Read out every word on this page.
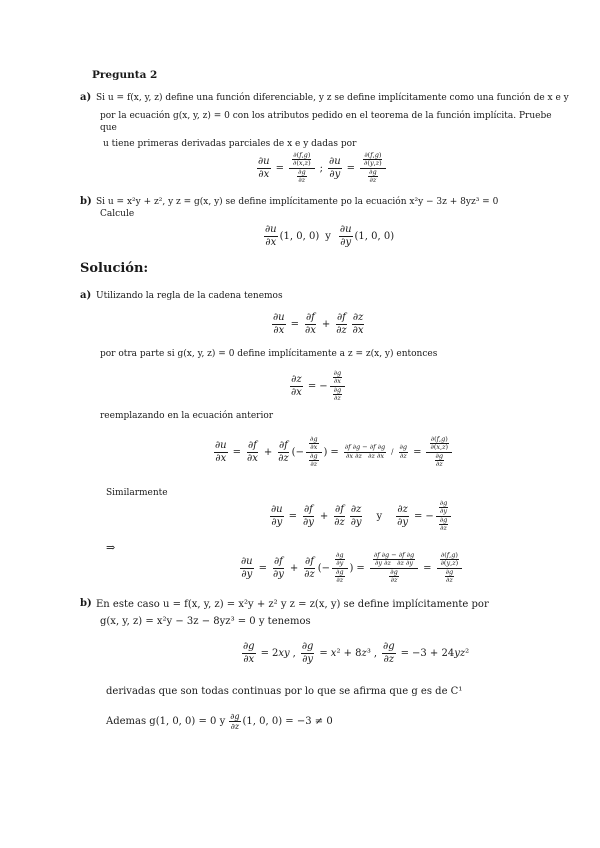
Pregunta 2
a) Si u = f(x, y, z) define una función diferenciable, y z se define implícitamente como una función de x e y
por la ecuación g(x, y, z) = 0 con los atributos pedido en el teorema de la función implícita. Pruebe
que
u tiene primeras derivadas parciales de x e y dadas por
$\frac{\partial u}{\partial x} = \frac{\frac{\partial(f,g)}{\partial(x,z)}}{\frac{\partial g}{\partial z}}$ ; $\frac{\partial u}{\partial y} = \frac{\frac{\partial(f,g)}{\partial(y,z)}}{\frac{\partial g}{\partial z}}$
b) Si u = x²y + z², y z = g(x, y) se define implícitamente po la ecuación x²y − 3z + 8yz³ = 0
Calcule
$\frac{\partial u}{\partial x} (1$, 0, 0) y $\frac{\partial u}{\partial y} (1$, 0, 0)
Solución:
a) Utilizando la regla de la cadena tenemos
$\frac{\partial u}{\partial x} = \frac{\partial f}{\partial x} + \frac{\partial f}{\partial z} \frac{\partial z}{\partial x}$
por otra parte si g(x, y, z) = 0 define implícitamente a z = z(x, y) entonces
$\frac{\partial z}{\partial x}$ = − $\frac{\frac{\partial g}{\partial x}}{\frac{\partial g}{\partial z}}$
reemplazando en la ecuación anterior
$\frac{\partial u}{\partial x} = \frac{\partial f}{\partial x} + \frac{\partial f}{\partial z}$ (− $\frac{\frac{\partial g}{\partial x}}{\frac{\partial g}{\partial z}}$ ) = $\frac{\partial f \partial g - \partial f \partial g}{\partial x \partial z \partial z \partial x} / \frac{\partial g}{\partial z} = \frac{\frac{\partial(f,g)}{\partial(x,z)}}{\frac{\partial g}{\partial z}}$
Similarmente
$\frac{\partial u}{\partial y} = \frac{\partial f}{\partial y} + \frac{\partial f}{\partial z} \frac{\partial z}{\partial y}$ y $\frac{\partial z}{\partial y}$ = − $\frac{\frac{\partial g}{\partial y}}{\frac{\partial g}{\partial z}}$
⇒
$\frac{\partial u}{\partial y} = \frac{\partial f}{\partial y} + \frac{\partial f}{\partial z}$ (− $\frac{\frac{\partial g}{\partial y}}{\frac{\partial g}{\partial z}}$ ) = $\frac{\frac{\partial f \partial g - \partial f \partial g}{\partial y \partial z \partial z \partial y}}{\frac{\partial g}{\partial z}} = \frac{\frac{\partial(f,g)}{\partial(y,z)}}{\frac{\partial g}{\partial z}}$
b) En este caso u = f(x, y, z) = x²y + z² y z = z(x, y) se define implícitamente por
g(x, y, z) = x²y − 3z − 8yz³ = 0 y tenemos
$\frac{\partial g}{\partial x} = 2xy$ , $\frac{\partial g}{\partial y} = x^2 + 8z^3$ , $\frac{\partial g}{\partial z} = -3 + 24yz^2$
derivadas que son todas continuas por lo que se afirma que g es de C¹
Ademas g(1, 0, 0) = 0 y $\frac{\partial g}{\partial z} (1$, 0, 0) = −3 ≠ 0
